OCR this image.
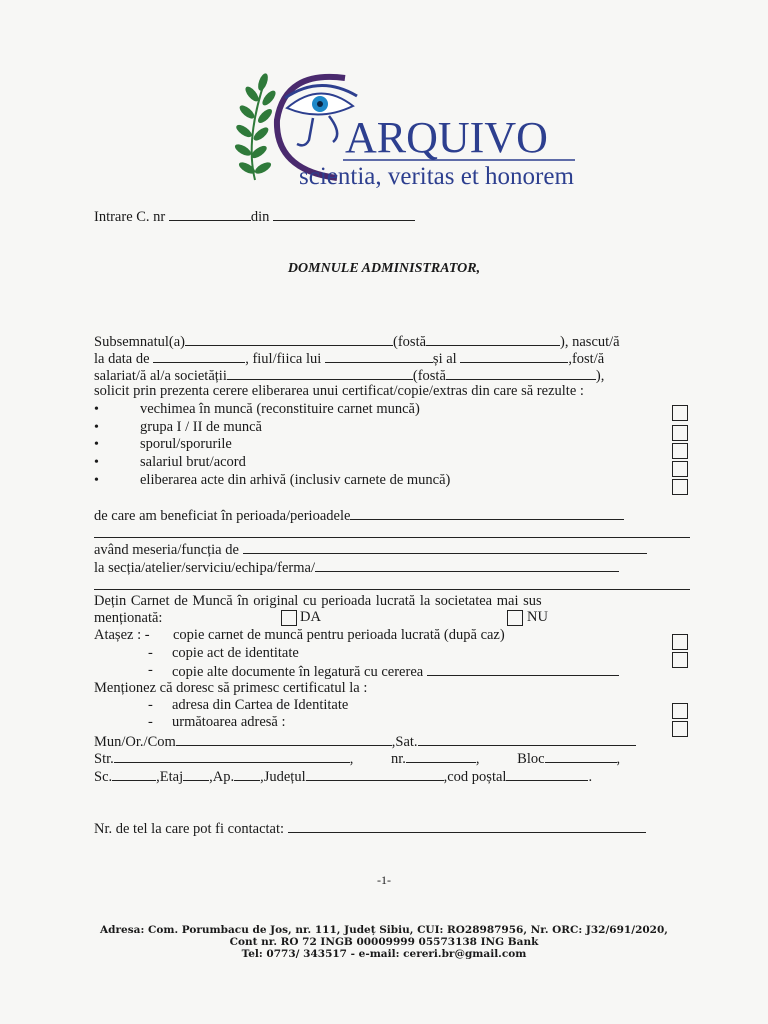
ARQUIVO
scientia, veritas et honorem
Intrare C. nr	din
DOMNULE ADMINISTRATOR,
Subsemnatul(a)	(fostă	), nascut/ă
la data de	, fiul/fiica lui	și al	,fost/ă
salariat/ă al/a societății	(fostă	),
solicit prin prezenta cerere eliberarea unui certificat/copie/extras din care să rezulte :
•	vechimea în muncă (reconstituire carnet muncă)
•	grupa I / II de muncă
•	sporul/sporurile
•	salariul brut/acord
•	eliberarea acte din arhivă (inclusiv carnete de muncă)
de care am beneficiat în perioada/perioadele
având meseria/funcția de
la secția/atelier/serviciu/echipa/ferma/
Dețin Carnet de Muncă în original cu perioada lucrată la societatea mai sus
menționată:	DA	NU
Atașez : - copie carnet de muncă pentru perioada lucrată (după caz)
- copie act de identitate
- copie alte documente în legatură cu cererea
Menționez că doresc să primesc certificatul la :
- adresa din Cartea de Identitate
- următoarea adresă :
Mun/Or./Com	,Sat.
Str.	, nr.	, Bloc	,
Sc.	,Etaj ,Ap. ,Județul	,cod poștal	.
Nr. de tel la care pot fi contactat:
-1-
Adresa: Com. Porumbacu de Jos, nr. 111, Județ Sibiu, CUI: RO28987956, Nr. ORC: J32/691/2020,
Cont nr. RO 72 INGB 00009999 05573138 ING Bank
Tel: 0773/ 343517 - e-mail: cereri.br@gmail.com
